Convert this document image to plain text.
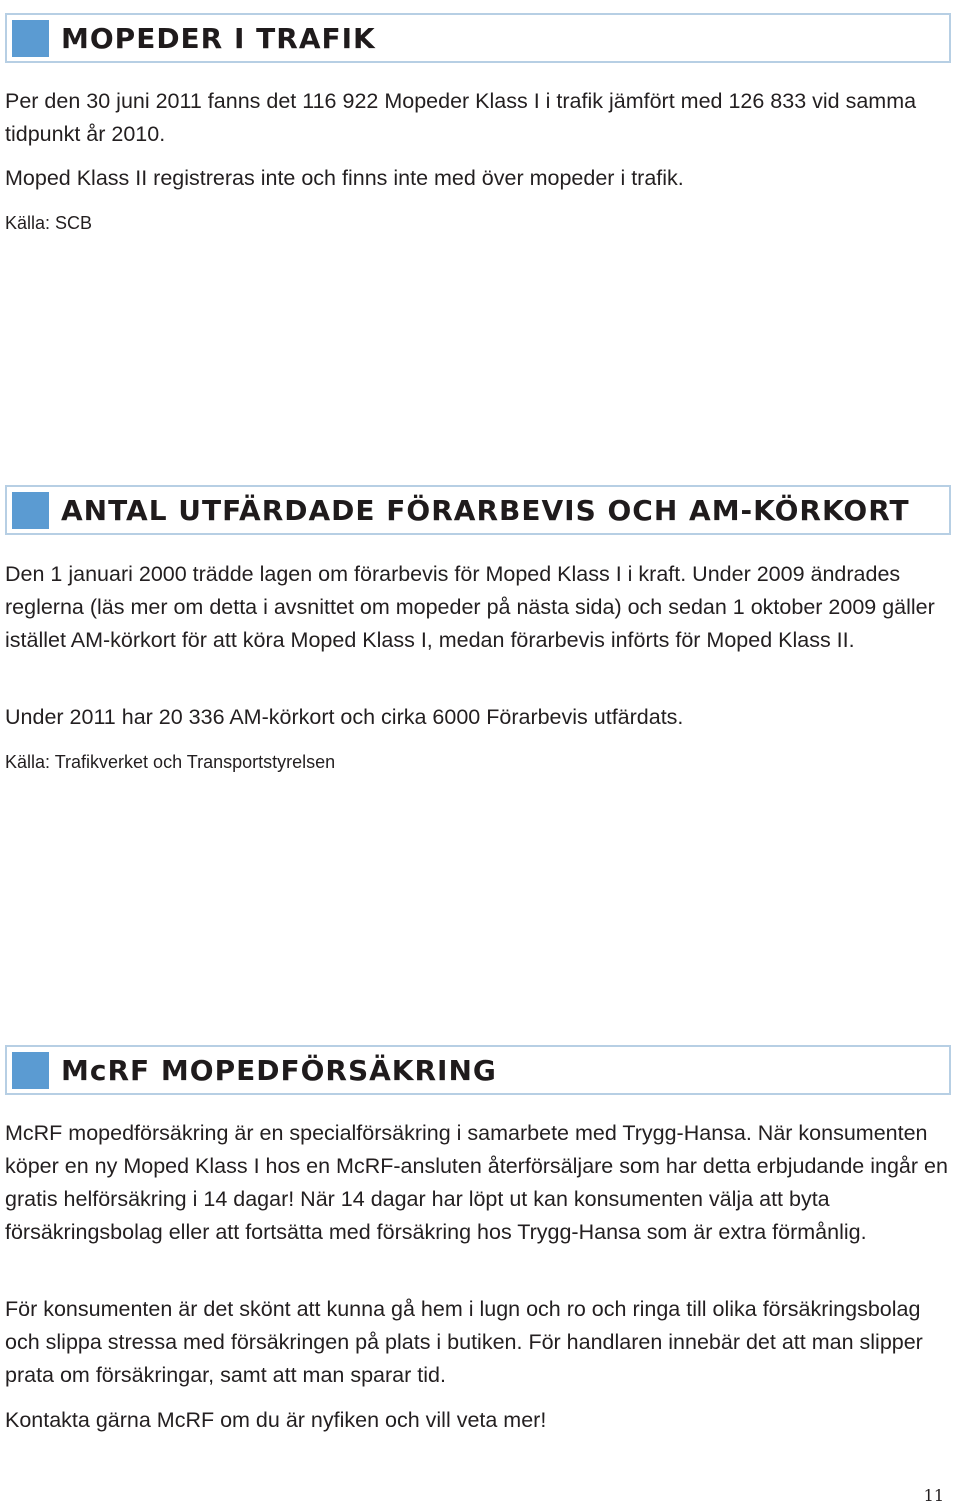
MOPEDER I TRAFIK

Per den 30 juni 2011 fanns det 116 922 Mopeder Klass I i trafik jämfört med 126 833 vid samma tidpunkt år 2010.

Moped Klass II registreras inte och finns inte med över mopeder i trafik.

Källa: SCB

ANTAL UTFÄRDADE FÖRARBEVIS OCH AM-KÖRKORT

Den 1 januari 2000 trädde lagen om förarbevis för Moped Klass I i kraft. Under 2009 ändrades reglerna (läs mer om detta i avsnittet om mopeder på nästa sida) och sedan 1 oktober 2009 gäller istället AM-körkort för att köra Moped Klass I, medan förarbevis införts för Moped Klass II.

Under 2011 har 20 336 AM-körkort och cirka 6000 Förarbevis utfärdats.

Källa: Trafikverket och Transportstyrelsen

McRF MOPEDFÖRSÄKRING

McRF mopedförsäkring är en specialförsäkring i samarbete med Trygg-Hansa. När konsumenten köper en ny Moped Klass I hos en McRF-ansluten återförsäljare som har detta erbjudande ingår en gratis helförsäkring i 14 dagar! När 14 dagar har löpt ut kan konsumenten välja att byta försäkringsbolag eller att fortsätta med försäkring hos Trygg-Hansa som är extra förmånlig.

För konsumenten är det skönt att kunna gå hem i lugn och ro och ringa till olika försäkringsbolag och slippa stressa med försäkringen på plats i butiken. För handlaren innebär det att man slipper prata om försäkringar, samt att man sparar tid.

Kontakta gärna McRF om du är nyfiken och vill veta mer!

11
